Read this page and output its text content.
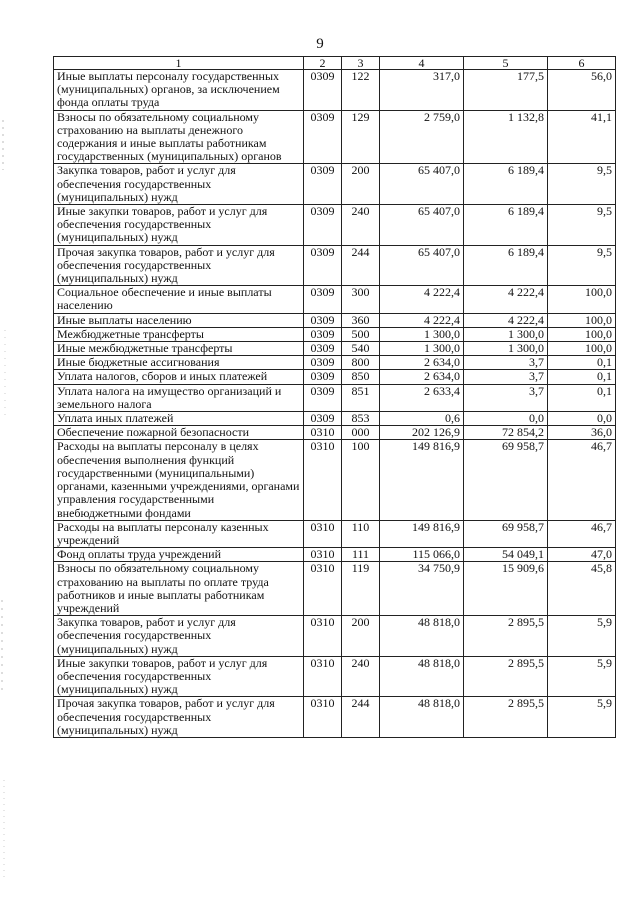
9
1	2	3	4	5	6
Иные выплаты персоналу государственных (муниципальных) органов, за исключением фонда оплаты труда	0309	122	317,0	177,5	56,0
Взносы по обязательному социальному страхованию на выплаты денежного содержания и иные выплаты работникам государственных (муниципальных) органов	0309	129	2 759,0	1 132,8	41,1
Закупка товаров, работ и услуг для обеспечения государственных (муниципальных) нужд	0309	200	65 407,0	6 189,4	9,5
Иные закупки товаров, работ и услуг для обеспечения государственных (муниципальных) нужд	0309	240	65 407,0	6 189,4	9,5
Прочая закупка товаров, работ и услуг для обеспечения государственных (муниципальных) нужд	0309	244	65 407,0	6 189,4	9,5
Социальное обеспечение и иные выплаты населению	0309	300	4 222,4	4 222,4	100,0
Иные выплаты населению	0309	360	4 222,4	4 222,4	100,0
Межбюджетные трансферты	0309	500	1 300,0	1 300,0	100,0
Иные межбюджетные трансферты	0309	540	1 300,0	1 300,0	100,0
Иные бюджетные ассигнования	0309	800	2 634,0	3,7	0,1
Уплата налогов, сборов и иных платежей	0309	850	2 634,0	3,7	0,1
Уплата налога на имущество организаций и земельного налога	0309	851	2 633,4	3,7	0,1
Уплата иных платежей	0309	853	0,6	0,0	0,0
Обеспечение пожарной безопасности	0310	000	202 126,9	72 854,2	36,0
Расходы на выплаты персоналу в целях обеспечения выполнения функций государственными (муниципальными) органами, казенными учреждениями, органами управления государственными внебюджетными фондами	0310	100	149 816,9	69 958,7	46,7
Расходы на выплаты персоналу казенных учреждений	0310	110	149 816,9	69 958,7	46,7
Фонд оплаты труда учреждений	0310	111	115 066,0	54 049,1	47,0
Взносы по обязательному социальному страхованию на выплаты по оплате труда работников и иные выплаты работникам учреждений	0310	119	34 750,9	15 909,6	45,8
Закупка товаров, работ и услуг для обеспечения государственных (муниципальных) нужд	0310	200	48 818,0	2 895,5	5,9
Иные закупки товаров, работ и услуг для обеспечения государственных (муниципальных) нужд	0310	240	48 818,0	2 895,5	5,9
Прочая закупка товаров, работ и услуг для обеспечения государственных (муниципальных) нужд	0310	244	48 818,0	2 895,5	5,9
